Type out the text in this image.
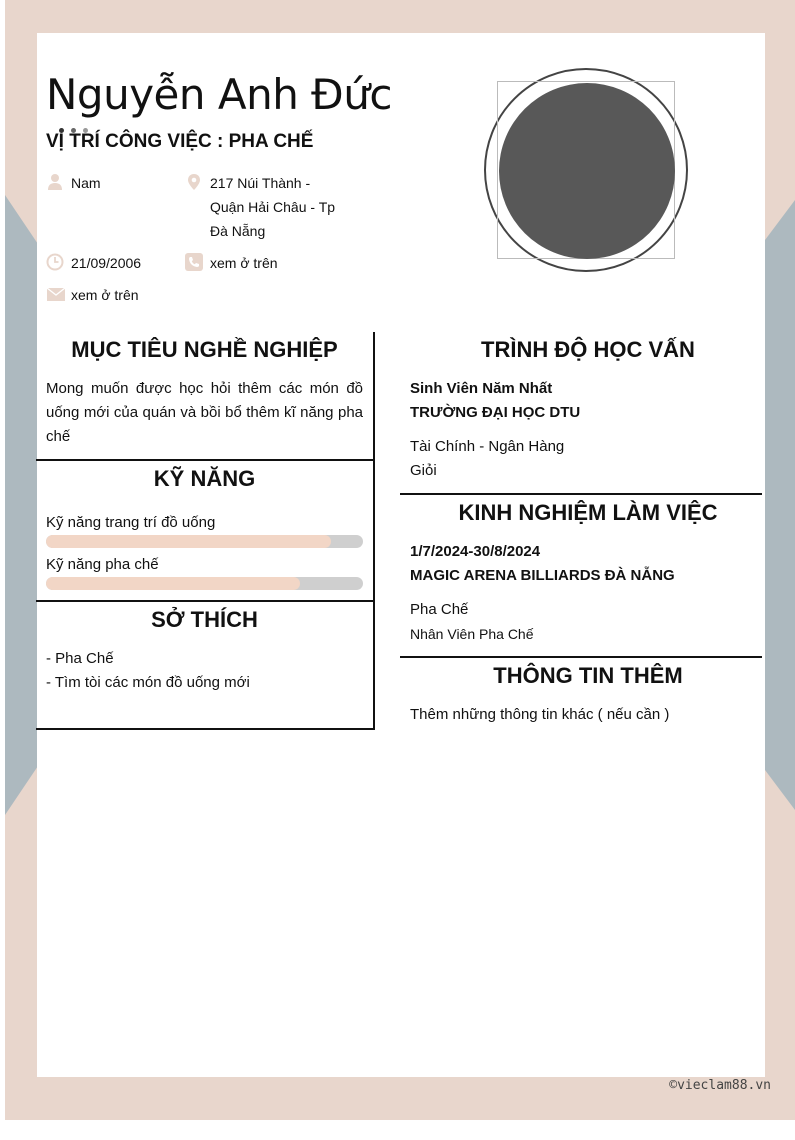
Nguyễn Anh Đức
VỊ TRÍ CÔNG VIỆC : PHA CHẾ
Nam	217 Núi Thành -
Quận Hải Châu - Tp
Đà Nẵng
21/09/2006	xem ở trên
xem ở trên
MỤC TIÊU NGHỀ NGHIỆP
Mong muốn được học hỏi thêm các món đồ uống mới của quán và bồi bổ thêm kĩ năng pha chế
KỸ NĂNG
Kỹ năng trang trí đồ uống
Kỹ năng pha chế
SỞ THÍCH
- Pha Chế
- Tìm tòi các món đồ uống mới
TRÌNH ĐỘ HỌC VẤN
Sinh Viên Năm Nhất
TRƯỜNG ĐẠI HỌC DTU
Tài Chính - Ngân Hàng
Giỏi
KINH NGHIỆM LÀM VIỆC
1/7/2024-30/8/2024
MAGIC ARENA BILLIARDS ĐÀ NẴNG
Pha Chế
Nhân Viên Pha Chế
THÔNG TIN THÊM
Thêm những thông tin khác ( nếu cần )
©vieclam88.vn
